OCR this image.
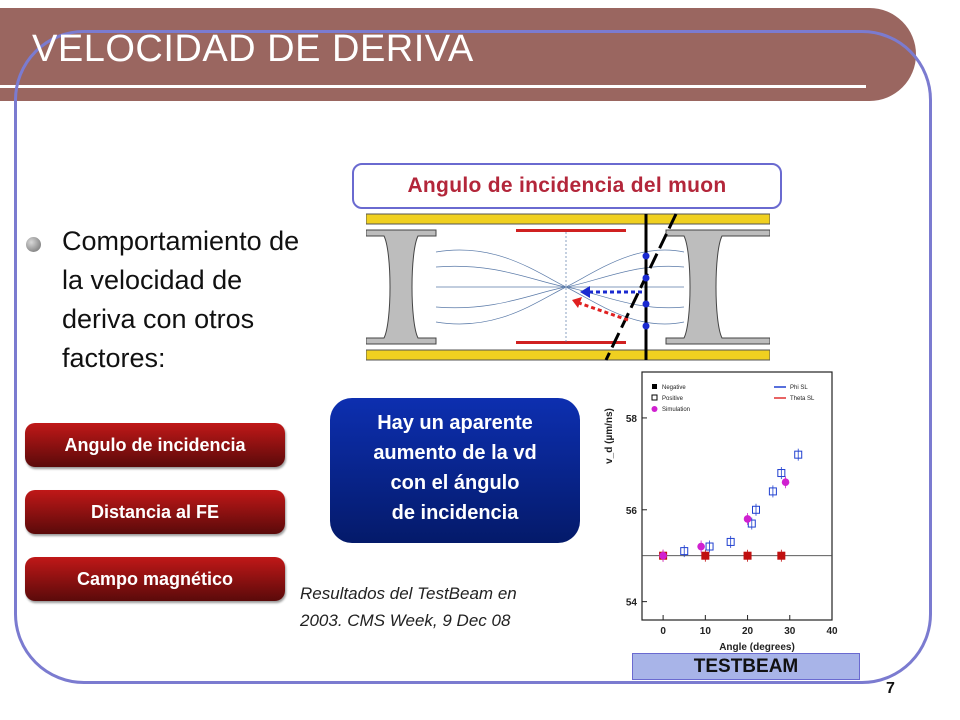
VELOCIDAD DE DERIVA
Comportamiento de la velocidad de deriva con otros factores:
Angulo de incidencia
Distancia al FE
Campo magnético
Angulo de incidencia del muon
Hay un aparente
aumento de la vd
con el ángulo
de incidencia
Resultados del TestBeam en
2003. CMS Week, 9 Dec 08
0	10	20	30	40
54
56
58
Angle (degrees)
v_d (µm/ns)
Negative
Positive
Simulation
Phi SL
Theta SL
TESTBEAM
7
